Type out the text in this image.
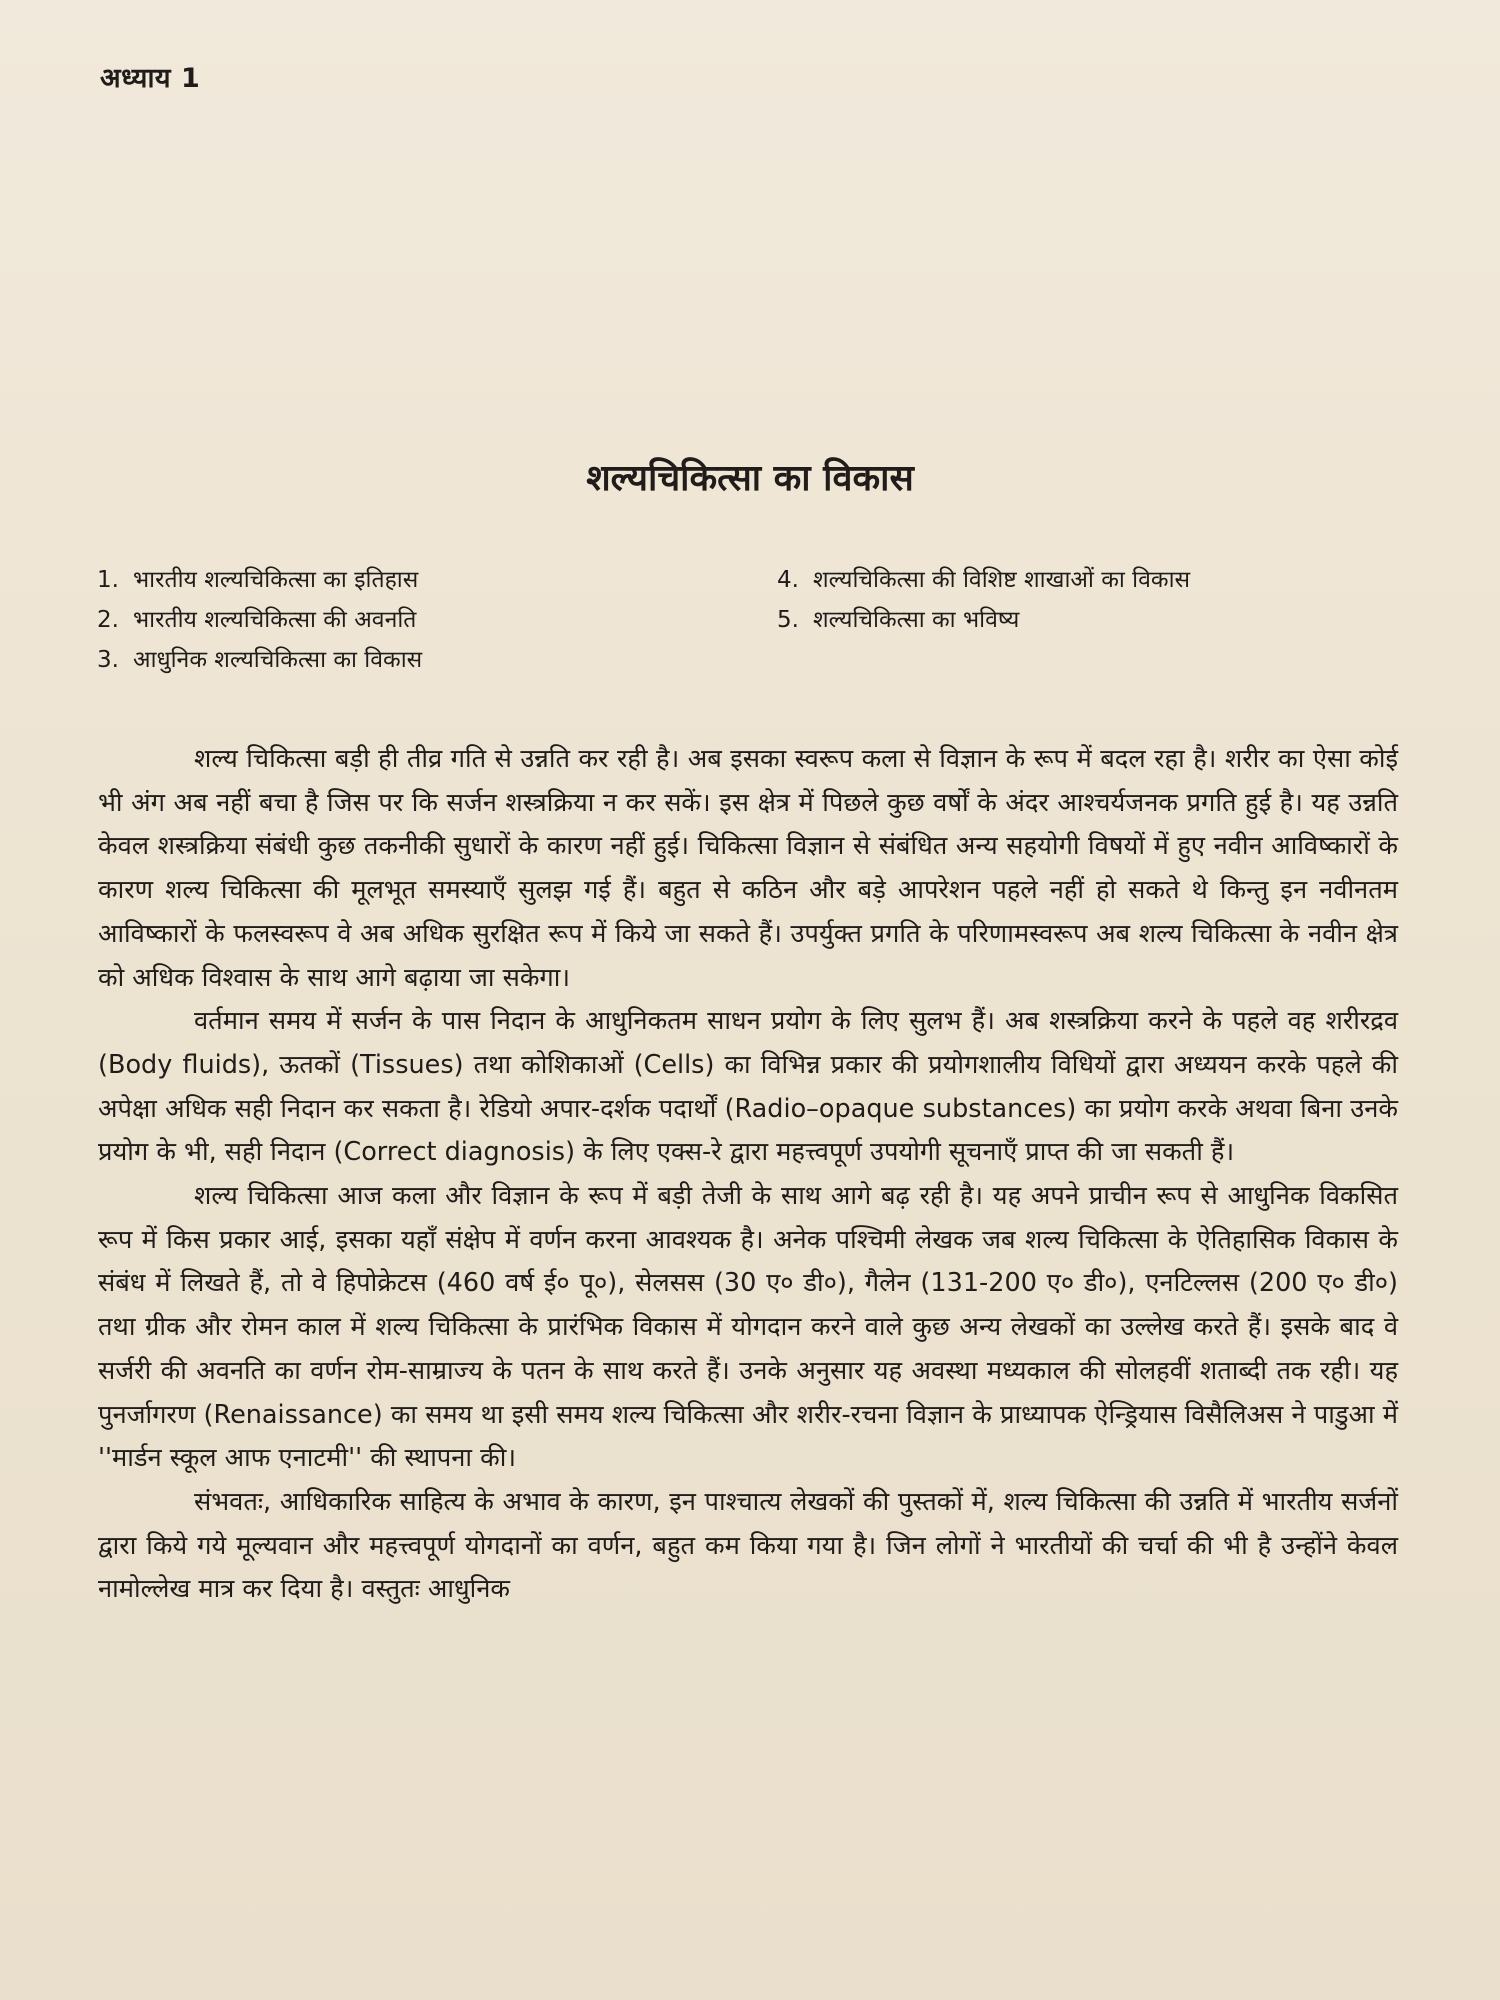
अध्याय 1
शल्यचिकित्सा का विकास
1. भारतीय शल्यचिकित्सा का इतिहास
2. भारतीय शल्यचिकित्सा की अवनति
3. आधुनिक शल्यचिकित्सा का विकास
4. शल्यचिकित्सा की विशिष्ट शाखाओं का विकास
5. शल्यचिकित्सा का भविष्य

शल्य चिकित्सा बड़ी ही तीव्र गति से उन्नति कर रही है। अब इसका स्वरूप कला से विज्ञान के रूप में बदल रहा है। शरीर का ऐसा कोई भी अंग अब नहीं बचा है जिस पर कि सर्जन शस्त्रक्रिया न कर सकें। इस क्षेत्र में पिछले कुछ वर्षों के अंदर आश्चर्यजनक प्रगति हुई है। यह उन्नति केवल शस्त्रक्रिया संबंधी कुछ तकनीकी सुधारों के कारण नहीं हुई। चिकित्सा विज्ञान से संबंधित अन्य सहयोगी विषयों में हुए नवीन आविष्कारों के कारण शल्य चिकित्सा की मूलभूत समस्याएँ सुलझ गई हैं। बहुत से कठिन और बड़े आपरेशन पहले नहीं हो सकते थे किन्तु इन नवीनतम आविष्कारों के फलस्वरूप वे अब अधिक सुरक्षित रूप में किये जा सकते हैं। उपर्युक्त प्रगति के परिणामस्वरूप अब शल्य चिकित्सा के नवीन क्षेत्र को अधिक विश्वास के साथ आगे बढ़ाया जा सकेगा।

वर्तमान समय में सर्जन के पास निदान के आधुनिकतम साधन प्रयोग के लिए सुलभ हैं। अब शस्त्रक्रिया करने के पहले वह शरीरद्रव (Body fluids), ऊतकों (Tissues) तथा कोशिकाओं (Cells) का विभिन्न प्रकार की प्रयोगशालीय विधियों द्वारा अध्ययन करके पहले की अपेक्षा अधिक सही निदान कर सकता है। रेडियो अपार-दर्शक पदार्थों (Radio–opaque substances) का प्रयोग करके अथवा बिना उनके प्रयोग के भी, सही निदान (Correct diagnosis) के लिए एक्स-रे द्वारा महत्त्वपूर्ण उपयोगी सूचनाएँ प्राप्त की जा सकती हैं।

शल्य चिकित्सा आज कला और विज्ञान के रूप में बड़ी तेजी के साथ आगे बढ़ रही है। यह अपने प्राचीन रूप से आधुनिक विकसित रूप में किस प्रकार आई, इसका यहाँ संक्षेप में वर्णन करना आवश्यक है। अनेक पश्चिमी लेखक जब शल्य चिकित्सा के ऐतिहासिक विकास के संबंध में लिखते हैं, तो वे हिपोक्रेटस (460 वर्ष ई० पू०), सेलसस (30 ए० डी०), गैलेन (131-200 ए० डी०), एनटिल्लस (200 ए० डी०) तथा ग्रीक और रोमन काल में शल्य चिकित्सा के प्रारंभिक विकास में योगदान करने वाले कुछ अन्य लेखकों का उल्लेख करते हैं। इसके बाद वे सर्जरी की अवनति का वर्णन रोम-साम्राज्य के पतन के साथ करते हैं। उनके अनुसार यह अवस्था मध्यकाल की सोलहवीं शताब्दी तक रही। यह पुनर्जागरण (Renaissance) का समय था इसी समय शल्य चिकित्सा और शरीर-रचना विज्ञान के प्राध्यापक ऐन्ड्रियास विसैलिअस ने पाडुआ में ''मार्डन स्कूल आफ एनाटमी'' की स्थापना की।

संभवतः, आधिकारिक साहित्य के अभाव के कारण, इन पाश्चात्य लेखकों की पुस्तकों में, शल्य चिकित्सा की उन्नति में भारतीय सर्जनों द्वारा किये गये मूल्यवान और महत्त्वपूर्ण योगदानों का वर्णन, बहुत कम किया गया है। जिन लोगों ने भारतीयों की चर्चा की भी है उन्होंने केवल नामोल्लेख मात्र कर दिया है। वस्तुतः आधुनिक
